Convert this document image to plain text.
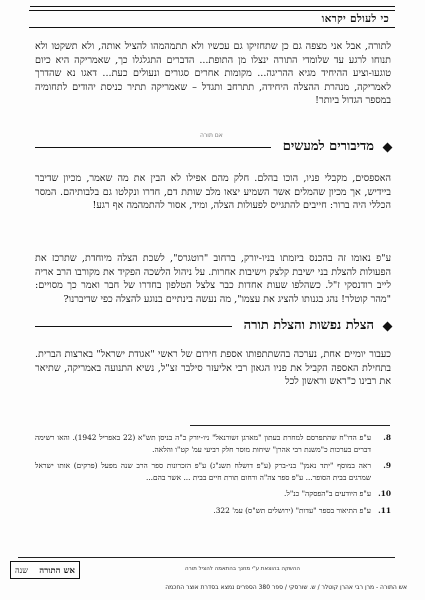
כי לעולם יקראו

לתורה, אבל אני מצפה גם כן שתחזיקו גם עכשיו ולא תתמהמהו להציל אותה, ולא תשקטו ולא תנוחו לרגע עד שלומדי התורה ינצלו מן התופת... הדברים התגלגלו כך, שאמריקה היא כיום טוגעו-וציע ההיחיד מגיא ההריגה... מקומות אחרים סגורים ונעולים כעת... דאגו נא שהדרך לאמריקה, מנהרת ההצלה היחידה, תתרחב ותגדל – שאמריקה תתיר כניסת יהודים לתחומיה במספר הגדול ביותר!

אם תורה
מדיבורים למעשים

האספסים, מקבלי פניו, הוכו בהלם. חלק מהם אפילו לא הבין את מה שאמר, מכיון שדיבר ביידיש, אך מכיון שהמלים אשר השמיע יצאו מלב שותת דם, חדרו ונקלטו גם בלבותיהם. המסר הכללי היה ברור: חייבים להתגייס לפעולות הצלה, ומיד, אסור להתמהמה אף רגע!

ע"פ נאומו זה בהכנס ביזמתו בניו-יורק, ברחוב "רוטגרס", לשכת הצלה מיוחדת, שתרכז את הפעולות להצלת בני ישיבת קלצק וישיבות אחרות. על ניהול הלשכה הפקיד את מקורבו הרב אריה לייב רודנסקי ז"ל. כשהלפו שעות אחדות כבר צלצל הטלפון בחדרו של חבר ואמר כך מסויים: "מהר קוטלר! נהג בגנותו להציג את עצמו", מה נעשה בינתיים בנוגע להצלה כפי שדיברנו?

הצלת נפשות והצלת תורה

כעבור יומיים אחת, נערכה בהשתתפותו אספת חירום של ראשי "אגודת ישראל" בארצות הברית. בתחילת האספה הקביל את פניו הגאון רבי אליעזר סילבר זצ"ל, נשיא התנועה באמריקה, שתיאר את רבינו כ"ראש וראשון לכל

8.
ע"פ הדו"ח שהתפרסם למחרת בעתון "מארגן זשורנאל" ניו-יורק כ"ה בניסן תש"א (22 באפריל 1942). והאו רשימה דברים בערכות כ"משנת רבי אהרן" שיחות מוסר חלק רביעי עמ' קט"ו והלאה.
9.
ראה במוסף "יתד נאמן" בני-ברק (ע"פ דושלח תשנ"ג) ע"פ הזכרונות ספר הרב שנה מפעל (פרקים) אותו ישראל שמרגים בבית הסופר... ע"פ ספר צה"ה ורחום תורת חיים בבית ... אשר בהם...
10.
ע"פ היודעים ב"הפסקה" כנ"ל.
11.
ע"פ התיאור בספר "עדות" (ירושלים תש"ס) עמ' 322.
אש התורה
שנה	ההשקה בהוצאת ע"י מוזנך בהתאמה להציל תורה
אש התורה - מרן רבי אהרן קוטלר / ש. שורסקי / ספר 380 הספרים נמצא בסדרת אוצר החכמה
